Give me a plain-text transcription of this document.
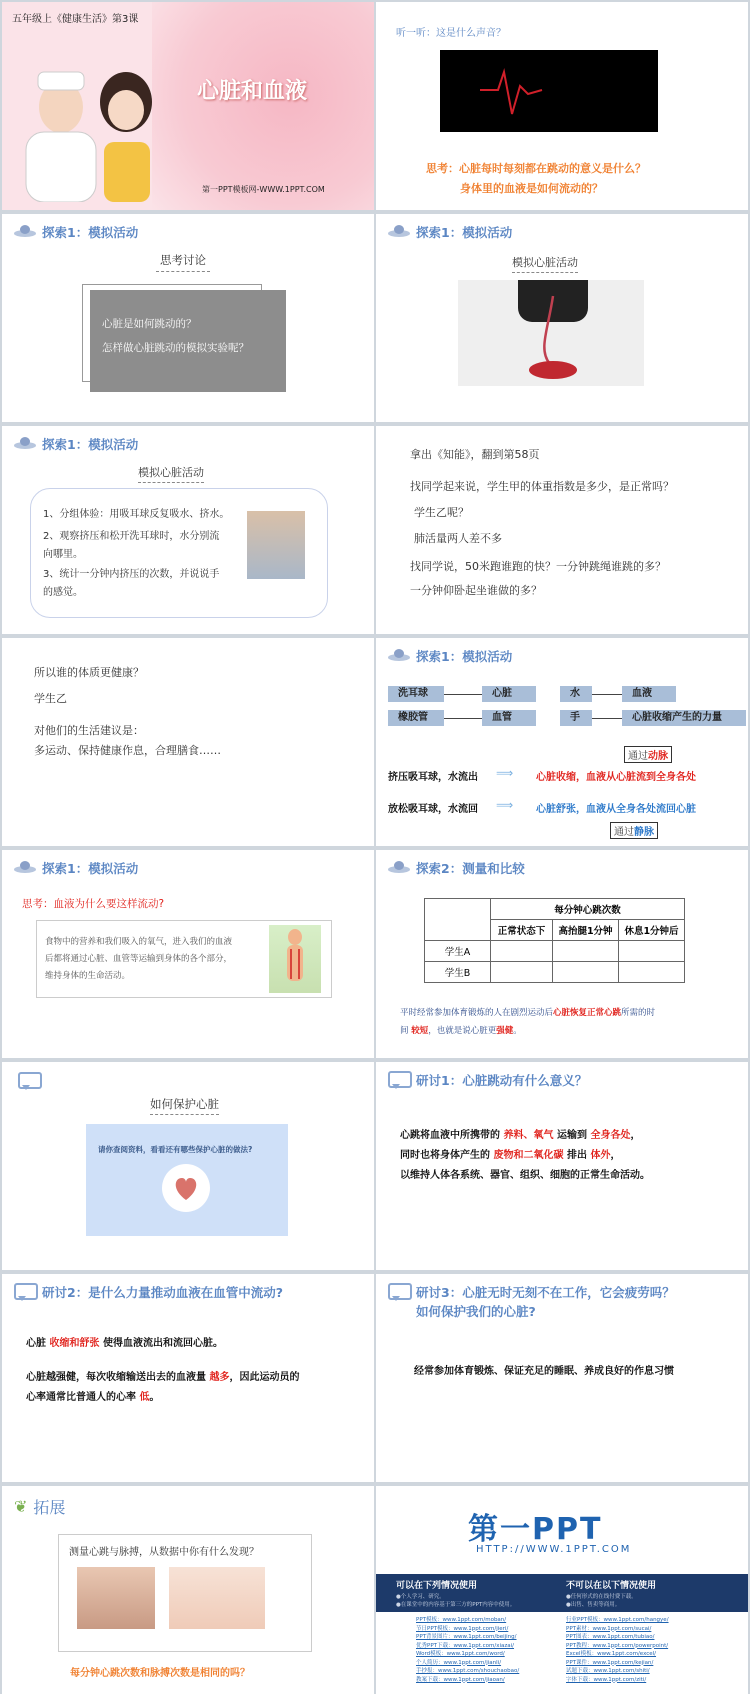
五年级上《健康生活》第3课
心脏和血液
第一PPT模板网-WWW.1PPT.COM
听一听：这是什么声音？
思考：心脏每时每刻都在跳动的意义是什么？
身体里的血液是如何流动的？
探索1：模拟活动
思考讨论
心脏是如何跳动的？
怎样做心脏跳动的模拟实验呢？
探索1：模拟活动
模拟心脏活动
探索1：模拟活动
模拟心脏活动
1、分组体验：用吸耳球反复吸水、挤水。
2、观察挤压和松开洗耳球时，水分别流
向哪里。
3、统计一分钟内挤压的次数，并说说手
的感觉。
拿出《知能》，翻到第58页
找同学起来说，学生甲的体重指数是多少，是正常吗？
学生乙呢？
肺活量两人差不多
找同学说，50米跑谁跑的快？一分钟跳绳谁跳的多？
一分钟仰卧起坐谁做的多？
所以谁的体质更健康？
学生乙
对他们的生活建议是：
多运动、保持健康作息，合理膳食……
探索1：模拟活动
洗耳球	心脏
橡胶管	血管
水	血液
手	心脏收缩产生的力量
通过动脉
挤压吸耳球，水流出 ⟹ 心脏收缩，血液从心脏流到全身各处
放松吸耳球，水流回 ⟹ 心脏舒张，血液从全身各处流回心脏
通过静脉
探索1：模拟活动
思考：血液为什么要这样流动?
食物中的营养和我们吸入的氧气，进入我们的血液
后都将通过心脏、血管等运输到身体的各个部分，
维持身体的生命活动。
探索2：测量和比较
	每分钟心跳次数		
	正常状态下	高抬腿1分钟	休息1分钟后
学生A			
学生B			
平时经常参加体育锻炼的人在剧烈运动后心脏恢复正常心跳所需的时
间 较短，也就是说心脏更强健。
如何保护心脏
请你查阅资料，看看还有哪些保护心脏的做法?
研讨1：心脏跳动有什么意义？
心跳将血液中所携带的 养料、氧气 运输到 全身各处，
同时也将身体产生的 废物和二氧化碳 排出 体外，
以维持人体各系统、器官、组织、细胞的正常生命活动。
研讨2：是什么力量推动血液在血管中流动?
心脏 收缩和舒张 使得血液流出和流回心脏。
心脏越强健，每次收缩输送出去的血液量 越多，因此运动员的
心率通常比普通人的心率 低。
研讨3：心脏无时无刻不在工作，它会疲劳吗？
如何保护我们的心脏?
经常参加体育锻炼、保证充足的睡眠、养成良好的作息习惯
❦ 拓展
测量心跳与脉搏，从数据中你有什么发现？
每分钟心跳次数和脉搏次数是相同的吗？
第一PPT
HTTP://WWW.1PPT.COM
可以在下列情况使用
●个人学习、研究。
●在课堂中的内容基于第三方的PPT内容中使用。
不可以在以下情况使用
●任何形式的在线付费下载。
●出售、售卖等商用。
PPT模板：www.1ppt.com/moban/
节日PPT模板：www.1ppt.com/jieri/
PPT背景图片：www.1ppt.com/beijing/
优秀PPT下载：www.1ppt.com/xiazai/
Word模板：www.1ppt.com/word/
个人简历：www.1ppt.com/jianli/
手抄报：www.1ppt.com/shouchaobao/
教案下载：www.1ppt.com/jiaoan/
行业PPT模板：www.1ppt.com/hangye/
PPT素材：www.1ppt.com/sucai/
PPT图表：www.1ppt.com/tubiao/
PPT教程：www.1ppt.com/powerpoint/
Excel模板：www.1ppt.com/excel/
PPT课件：www.1ppt.com/kejian/
试题下载：www.1ppt.com/shiti/
字体下载：www.1ppt.com/ziti/
